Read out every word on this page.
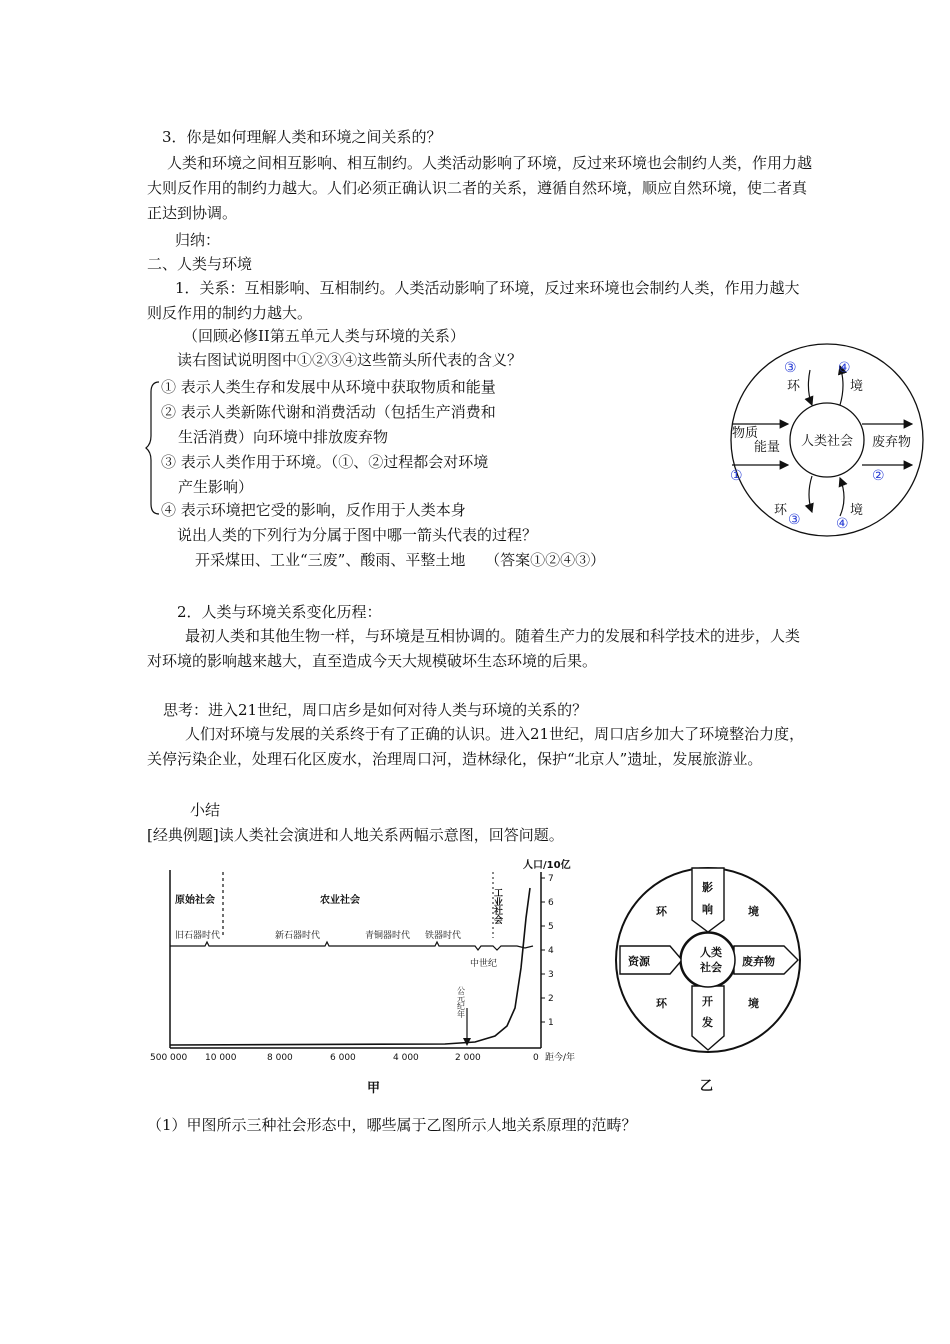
3．你是如何理解人类和环境之间关系的？
人类和环境之间相互影响、相互制约。人类活动影响了环境，反过来环境也会制约人类，作用力越大则反作用的制约力越大。人们必须正确认识二者的关系，遵循自然环境，顺应自然环境，使二者真正达到协调。
归纳：
二、人类与环境
1．关系：互相影响、互相制约。人类活动影响了环境，反过来环境也会制约人类，作用力越大则反作用的制约力越大。
（回顾必修II第五单元人类与环境的关系）
读右图试说明图中①②③④这些箭头所代表的含义？
① 表示人类生存和发展中从环境中获取物质和能量
② 表示人类新陈代谢和消费活动（包括生产消费和
生活消费）向环境中排放废弃物
③ 表示人类作用于环境。（①、②过程都会对环境
产生影响）
④ 表示环境把它受的影响，反作用于人类本身
说出人类的下列行为分属于图中哪一箭头代表的过程？
开采煤田、工业“三废”、酸雨、平整土地　 （答案①②④③）
人类社会
环	境
环	境
物质
能量	废弃物
①	②
③	④
③	④
2．人类与环境关系变化历程：
最初人类和其他生物一样，与环境是互相协调的。随着生产力的发展和科学技术的进步，人类对环境的影响越来越大，直至造成今天大规模破坏生态环境的后果。
思考：进入21世纪，周口店乡是如何对待人类与环境的关系的？
人们对环境与发展的关系终于有了正确的认识。进入21世纪，周口店乡加大了环境整治力度，关停污染企业，处理石化区废水，治理周口河，造林绿化，保护“北京人”遗址，发展旅游业。
小结
[经典例题]读人类社会演进和人地关系两幅示意图，回答问题。
1
2
3
4
5
6
7
人口/10亿
原始社会	农业社会	工业社会
旧石器时代	新石器时代	青铜器时代 铁器时代
中世纪
公元纪年
500 000 10 000	8 000	6 000	4 000	2 000	0 距今/年
甲
人类
社会
影
响
开
发
资源	废弃物
环	境
环	境
乙
（1）甲图所示三种社会形态中，哪些属于乙图所示人地关系原理的范畴？
